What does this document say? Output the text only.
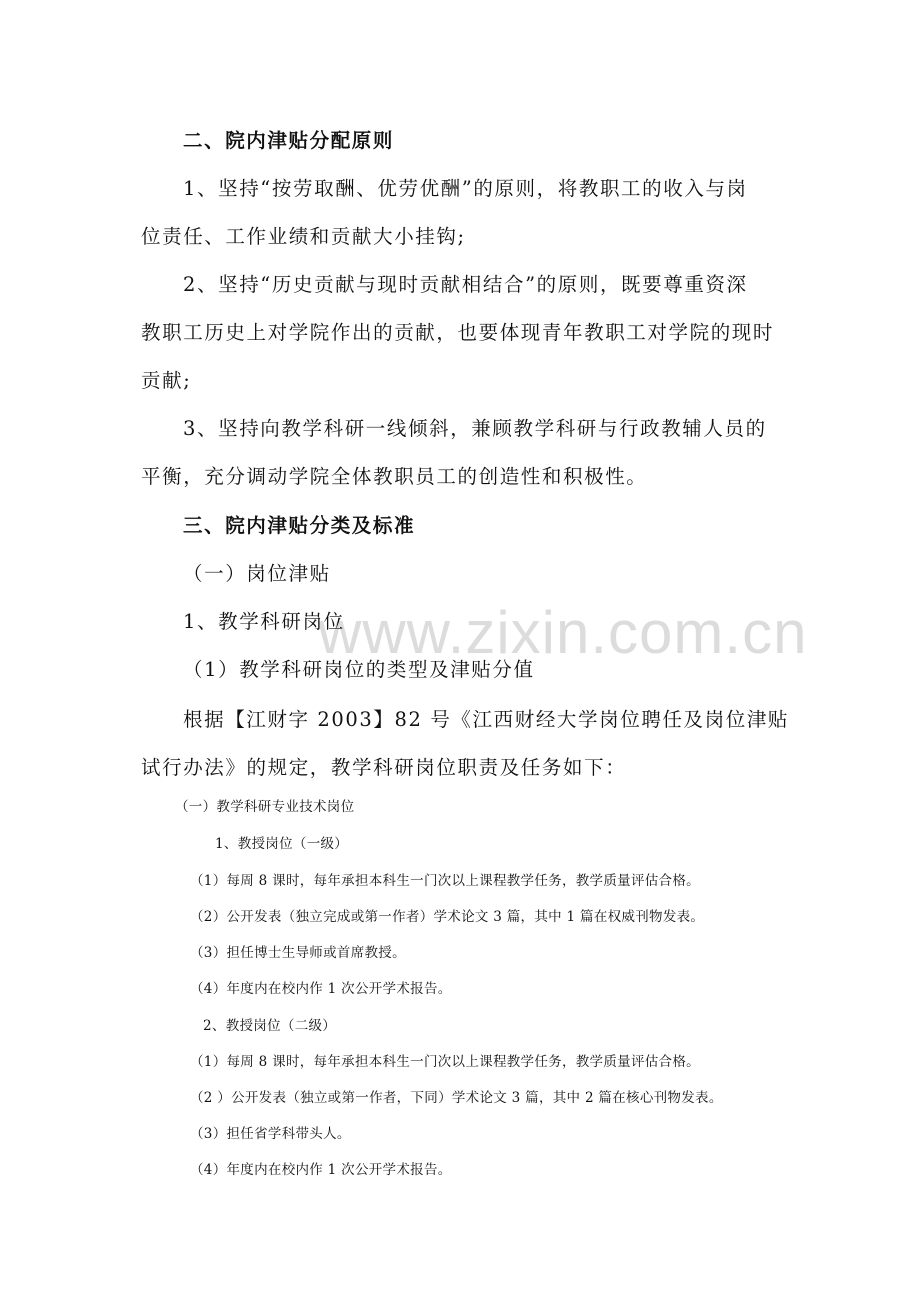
www.zixin.com.cn
二、院内津贴分配原则
1、坚持“按劳取酬、优劳优酬”的原则，将教职工的收入与岗
位责任、工作业绩和贡献大小挂钩;
2、坚持“历史贡献与现时贡献相结合”的原则，既要尊重资深
教职工历史上对学院作出的贡献，也要体现青年教职工对学院的现时
贡献;
3、坚持向教学科研一线倾斜，兼顾教学科研与行政教辅人员的
平衡，充分调动学院全体教职员工的创造性和积极性。
三、院内津贴分类及标准
（一）岗位津贴
1、教学科研岗位
（1）教学科研岗位的类型及津贴分值
根据【江财字 2003】82 号《江西财经大学岗位聘任及岗位津贴
试行办法》的规定，教学科研岗位职责及任务如下：
（一）教学科研专业技术岗位
1、教授岗位（一级）
（1）每周 8 课时，每年承担本科生一门次以上课程教学任务，教学质量评估合格。
（2）公开发表（独立完成或第一作者）学术论文 3 篇，其中 1 篇在权威刊物发表。
（3）担任博士生导师或首席教授。
（4）年度内在校内作 1 次公开学术报告。
2、教授岗位（二级）
（1）每周 8 课时，每年承担本科生一门次以上课程教学任务，教学质量评估合格。
（2 ）公开发表（独立或第一作者，下同）学术论文 3 篇，其中 2 篇在核心刊物发表。
（3）担任省学科带头人。
（4）年度内在校内作 1 次公开学术报告。
